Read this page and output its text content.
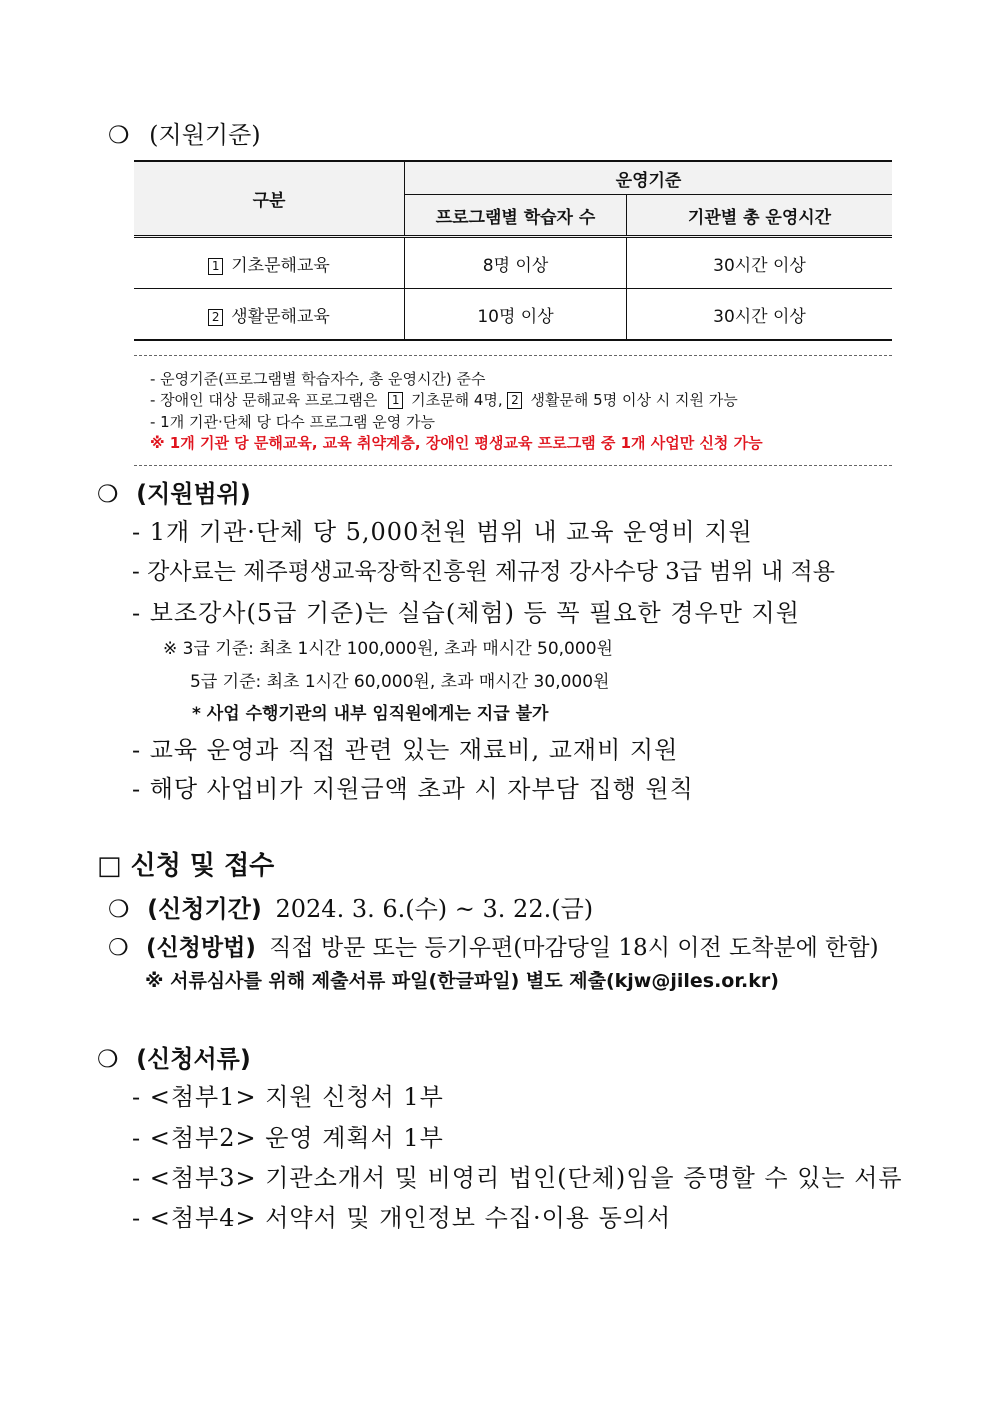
❍ (지원기준)
구분	운영기준	
	프로그램별 학습자 수	기관별 총 운영시간
1 기초문해교육	8명 이상	30시간 이상
2 생활문해교육	10명 이상	30시간 이상
- 운영기준(프로그램별 학습자수, 총 운영시간) 준수
- 장애인 대상 문해교육 프로그램은 1 기초문해 4명, 2 생활문해 5명 이상 시 지원 가능
- 1개 기관·단체 당 다수 프로그램 운영 가능
※ 1개 기관 당 문해교육, 교육 취약계층, 장애인 평생교육 프로그램 중 1개 사업만 신청 가능
❍ (지원범위)
- 1개 기관·단체 당 5,000천원 범위 내 교육 운영비 지원
- 강사료는 제주평생교육장학진흥원 제규정 강사수당 3급 범위 내 적용
- 보조강사(5급 기준)는 실습(체험) 등 꼭 필요한 경우만 지원
※ 3급 기준: 최초 1시간 100,000원, 초과 매시간 50,000원
5급 기준: 최초 1시간 60,000원, 초과 매시간 30,000원
* 사업 수행기관의 내부 임직원에게는 지급 불가
- 교육 운영과 직접 관련 있는 재료비, 교재비 지원
- 해당 사업비가 지원금액 초과 시 자부담 집행 원칙
□ 신청 및 접수
❍ (신청기간) 2024. 3. 6.(수) ~ 3. 22.(금)
❍ (신청방법) 직접 방문 또는 등기우편(마감당일 18시 이전 도착분에 한함)
※ 서류심사를 위해 제출서류 파일(한글파일) 별도 제출(kjw@jiles.or.kr)
❍ (신청서류)
- <첨부1> 지원 신청서 1부
- <첨부2> 운영 계획서 1부
- <첨부3> 기관소개서 및 비영리 법인(단체)임을 증명할 수 있는 서류
- <첨부4> 서약서 및 개인정보 수집·이용 동의서
